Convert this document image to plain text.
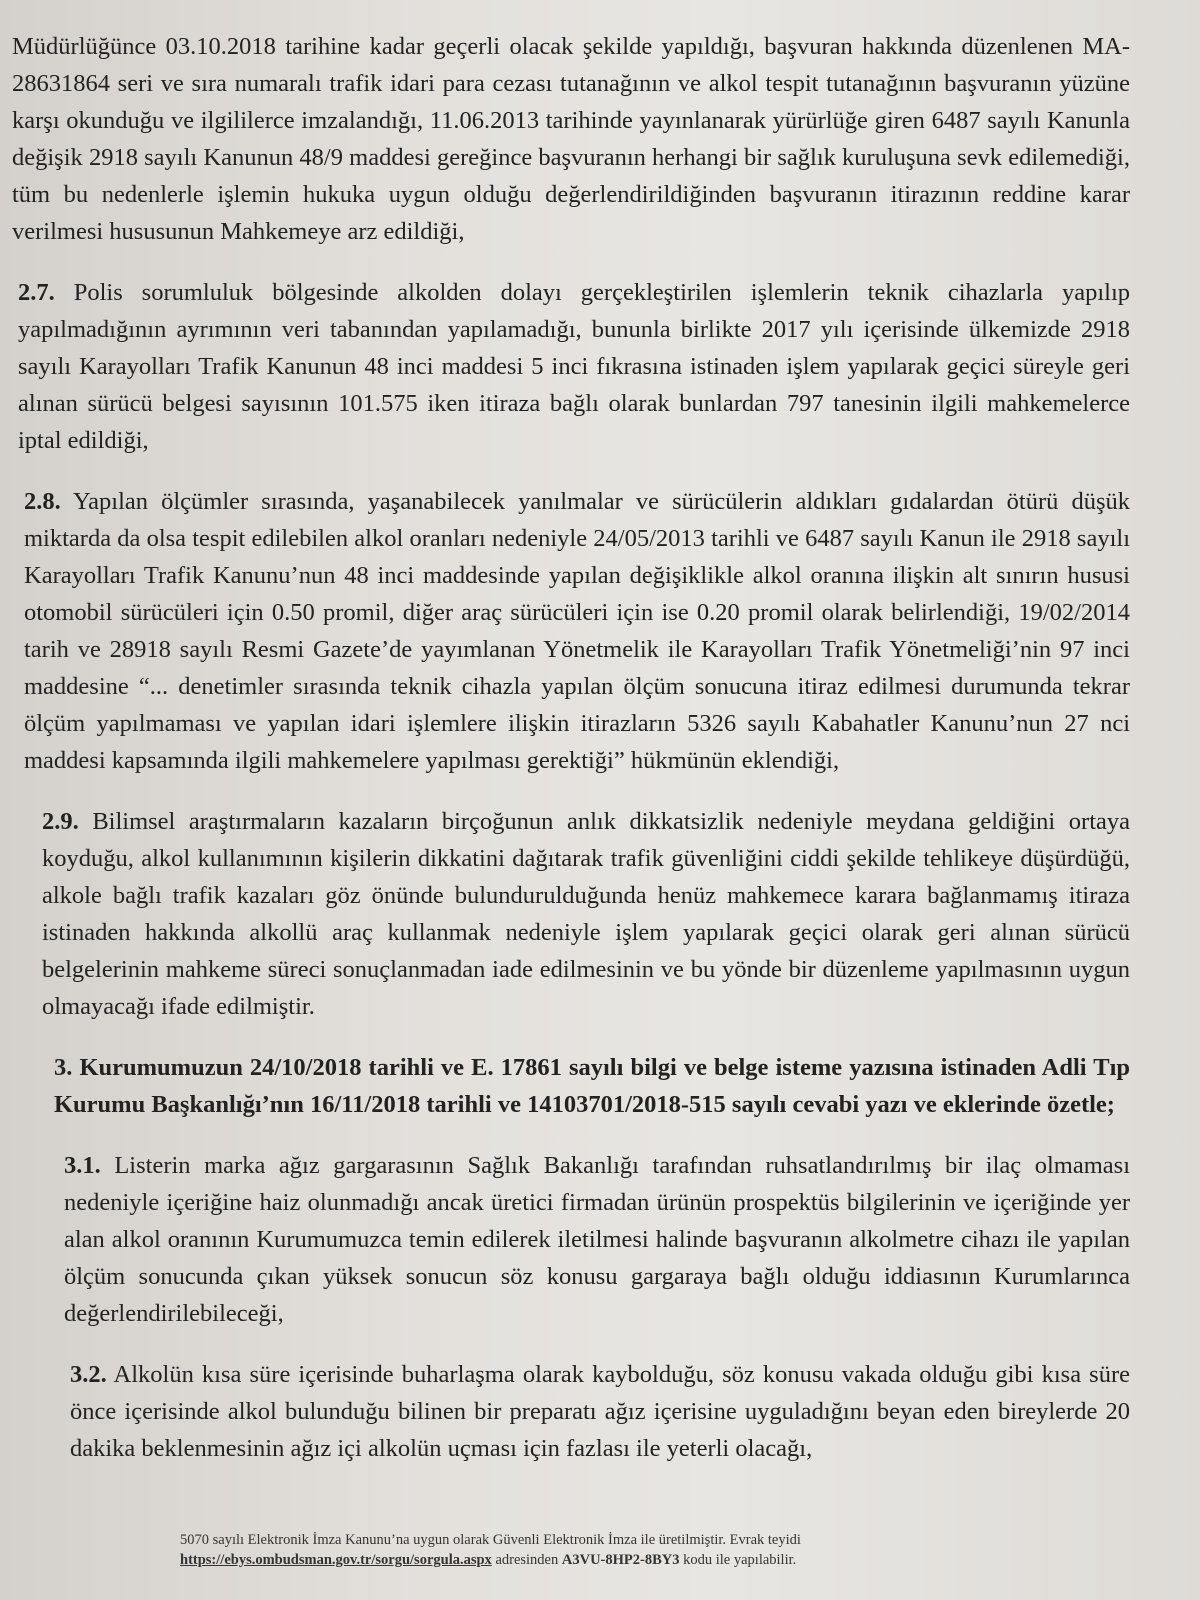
Müdürlüğünce 03.10.2018 tarihine kadar geçerli olacak şekilde yapıldığı, başvuran hakkında düzenlenen MA-28631864 seri ve sıra numaralı trafik idari para cezası tutanağının ve alkol tespit tutanağının başvuranın yüzüne karşı okunduğu ve ilgililerce imzalandığı, 11.06.2013 tarihinde yayınlanarak yürürlüğe giren 6487 sayılı Kanunla değişik 2918 sayılı Kanunun 48/9 maddesi gereğince başvuranın herhangi bir sağlık kuruluşuna sevk edilemediği, tüm bu nedenlerle işlemin hukuka uygun olduğu değerlendirildiğinden başvuranın itirazının reddine karar verilmesi hususunun Mahkemeye arz edildiği,

2.7. Polis sorumluluk bölgesinde alkolden dolayı gerçekleştirilen işlemlerin teknik cihazlarla yapılıp yapılmadığının ayrımının veri tabanından yapılamadığı, bununla birlikte 2017 yılı içerisinde ülkemizde 2918 sayılı Karayolları Trafik Kanunun 48 inci maddesi 5 inci fıkrasına istinaden işlem yapılarak geçici süreyle geri alınan sürücü belgesi sayısının 101.575 iken itiraza bağlı olarak bunlardan 797 tanesinin ilgili mahkemelerce iptal edildiği,

2.8. Yapılan ölçümler sırasında, yaşanabilecek yanılmalar ve sürücülerin aldıkları gıdalardan ötürü düşük miktarda da olsa tespit edilebilen alkol oranları nedeniyle 24/05/2013 tarihli ve 6487 sayılı Kanun ile 2918 sayılı Karayolları Trafik Kanunu’nun 48 inci maddesinde yapılan değişiklikle alkol oranına ilişkin alt sınırın hususi otomobil sürücüleri için 0.50 promil, diğer araç sürücüleri için ise 0.20 promil olarak belirlendiği, 19/02/2014 tarih ve 28918 sayılı Resmi Gazete’de yayımlanan Yönetmelik ile Karayolları Trafik Yönetmeliği’nin 97 inci maddesine “... denetimler sırasında teknik cihazla yapılan ölçüm sonucuna itiraz edilmesi durumunda tekrar ölçüm yapılmaması ve yapılan idari işlemlere ilişkin itirazların 5326 sayılı Kabahatler Kanunu’nun 27 nci maddesi kapsamında ilgili mahkemelere yapılması gerektiği” hükmünün eklendiği,

2.9. Bilimsel araştırmaların kazaların birçoğunun anlık dikkatsizlik nedeniyle meydana geldiğini ortaya koyduğu, alkol kullanımının kişilerin dikkatini dağıtarak trafik güvenliğini ciddi şekilde tehlikeye düşürdüğü, alkole bağlı trafik kazaları göz önünde bulundurulduğunda henüz mahkemece karara bağlanmamış itiraza istinaden hakkında alkollü araç kullanmak nedeniyle işlem yapılarak geçici olarak geri alınan sürücü belgelerinin mahkeme süreci sonuçlanmadan iade edilmesinin ve bu yönde bir düzenleme yapılmasının uygun olmayacağı ifade edilmiştir.

3. Kurumumuzun 24/10/2018 tarihli ve E. 17861 sayılı bilgi ve belge isteme yazısına istinaden Adli Tıp Kurumu Başkanlığı’nın 16/11/2018 tarihli ve 14103701/2018-515 sayılı cevabi yazı ve eklerinde özetle;

3.1. Listerin marka ağız gargarasının Sağlık Bakanlığı tarafından ruhsatlandırılmış bir ilaç olmaması nedeniyle içeriğine haiz olunmadığı ancak üretici firmadan ürünün prospektüs bilgilerinin ve içeriğinde yer alan alkol oranının Kurumumuzca temin edilerek iletilmesi halinde başvuranın alkolmetre cihazı ile yapılan ölçüm sonucunda çıkan yüksek sonucun söz konusu gargaraya bağlı olduğu iddiasının Kurumlarınca değerlendirilebileceği,

3.2. Alkolün kısa süre içerisinde buharlaşma olarak kaybolduğu, söz konusu vakada olduğu gibi kısa süre önce içerisinde alkol bulunduğu bilinen bir preparatı ağız içerisine uyguladığını beyan eden bireylerde 20 dakika beklenmesinin ağız içi alkolün uçması için fazlası ile yeterli olacağı,

5070 sayılı Elektronik İmza Kanunu’na uygun olarak Güvenli Elektronik İmza ile üretilmiştir. Evrak teyidi
https://ebys.ombudsman.gov.tr/sorgu/sorgula.aspx adresinden A3VU-8HP2-8BY3 kodu ile yapılabilir.
